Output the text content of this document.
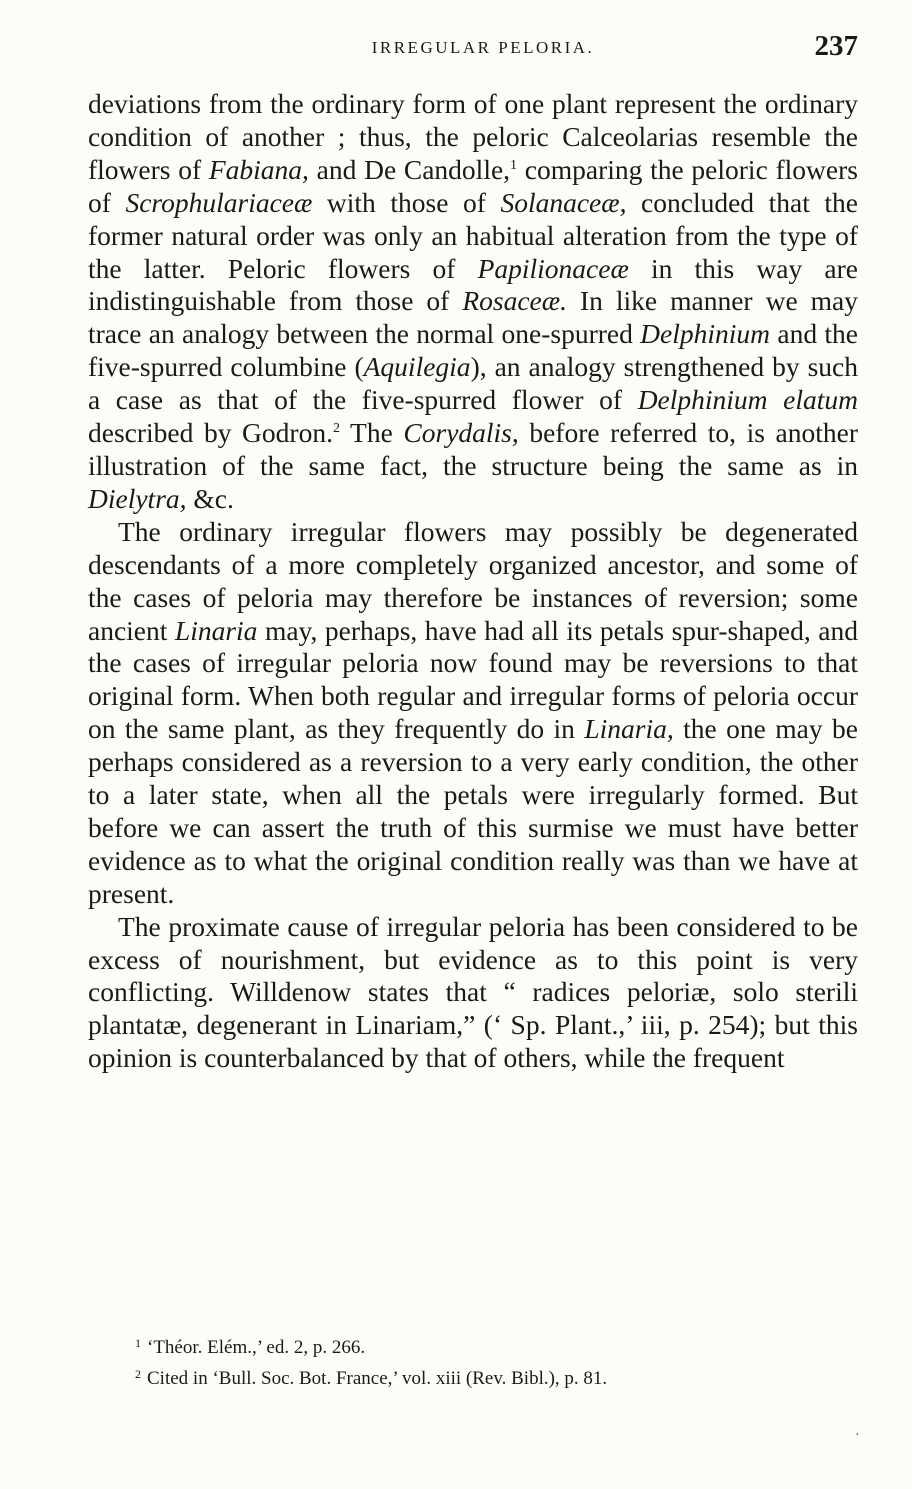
IRREGULAR PELORIA.	237

deviations from the ordinary form of one plant represent the ordinary condition of another ; thus, the peloric Calceolarias resemble the flowers of Fabiana, and De Candolle,$^1$ comparing the peloric flowers of Scrophulariaceæ with those of Solanaceæ, concluded that the former natural order was only an habitual alteration from the type of the latter. Peloric flowers of Papilionaceæ in this way are indistinguishable from those of Rosaceæ. In like manner we may trace an analogy between the normal one-spurred Delphinium and the five-spurred columbine (Aquilegia), an analogy strengthened by such a case as that of the five-spurred flower of Delphinium elatum described by Godron.$^2$ The Corydalis, before referred to, is another illustration of the same fact, the structure being the same as in Dielytra, &c.

The ordinary irregular flowers may possibly be degenerated descendants of a more completely organized ancestor, and some of the cases of peloria may therefore be instances of reversion; some ancient Linaria may, perhaps, have had all its petals spur-shaped, and the cases of irregular peloria now found may be reversions to that original form. When both regular and irregular forms of peloria occur on the same plant, as they frequently do in Linaria, the one may be perhaps considered as a reversion to a very early condition, the other to a later state, when all the petals were irregularly formed. But before we can assert the truth of this surmise we must have better evidence as to what the original condition really was than we have at present.

The proximate cause of irregular peloria has been considered to be excess of nourishment, but evidence as to this point is very conflicting. Willdenow states that “ radices peloriæ, solo sterili plantatæ, degenerant in Linariam,” (‘ Sp. Plant.,’ iii, p. 254); but this opinion is counterbalanced by that of others, while the frequent

$^1$ ‘Théor. Elém.,’ ed. 2, p. 266.
$^2$ Cited in ‘Bull. Soc. Bot. France,’ vol. xiii (Rev. Bibl.), p. 81.
·
